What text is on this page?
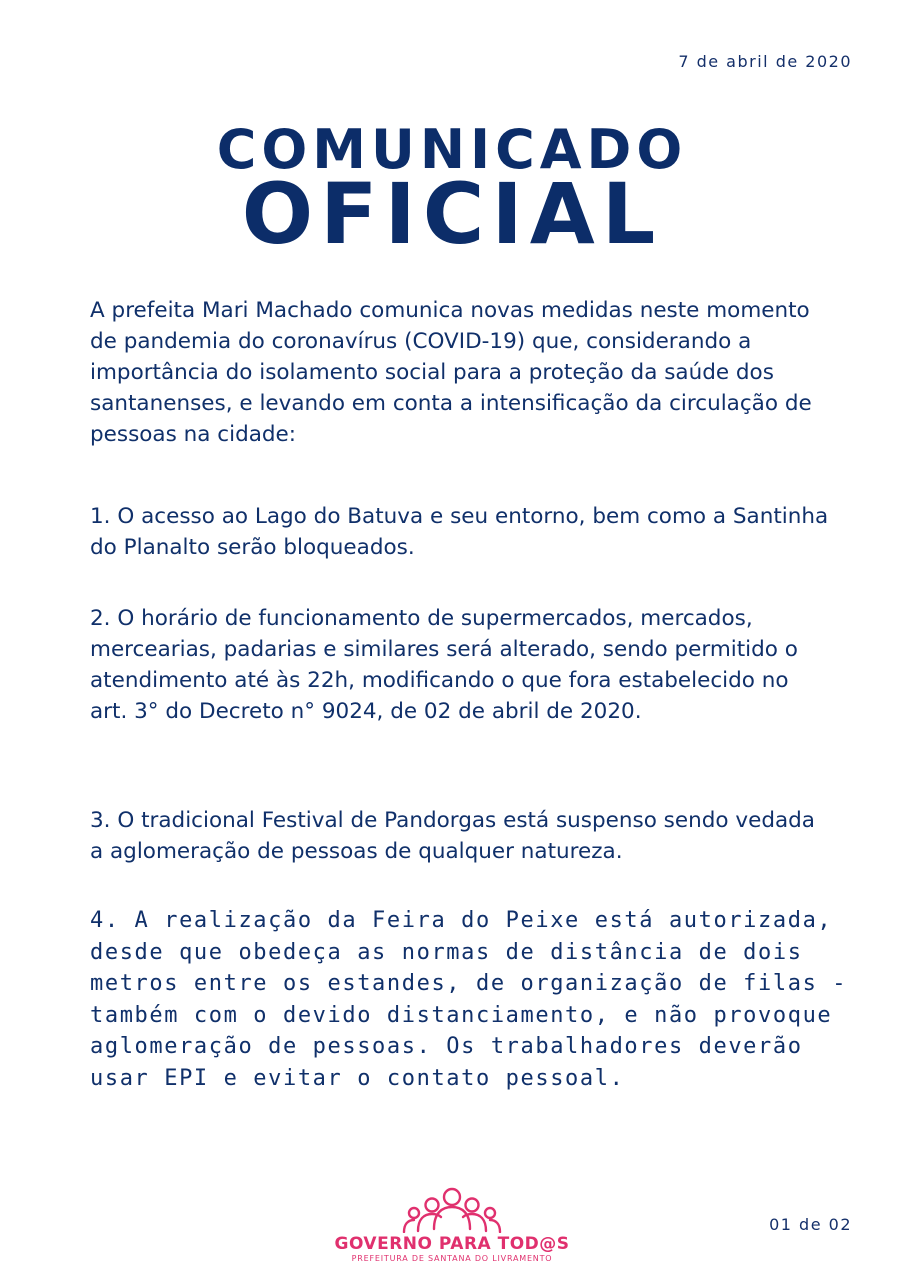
7 de abril de 2020
COMUNICADO
OFICIAL

A prefeita Mari Machado comunica novas medidas neste momento de pandemia do coronavírus (COVID-19) que, considerando a importância do isolamento social para a proteção da saúde dos santanenses, e levando em conta a intensificação da circulação de pessoas na cidade:

1. O acesso ao Lago do Batuva e seu entorno, bem como a Santinha do Planalto serão bloqueados.

2. O horário de funcionamento de supermercados, mercados, mercearias, padarias e similares será alterado, sendo permitido o atendimento até às 22h, modificando o que fora estabelecido no art. 3° do Decreto n° 9024, de 02 de abril de 2020.

3. O tradicional Festival de Pandorgas está suspenso sendo vedada a aglomeração de pessoas de qualquer natureza.

4. A realização da Feira do Peixe está autorizada, desde que obedeça as normas de distância de dois metros entre os estandes, de organização de filas - também com o devido distanciamento, e não provoque aglomeração de pessoas. Os trabalhadores deverão usar EPI e evitar o contato pessoal.

GOVERNO PARA TOD@S
PREFEITURA DE SANTANA DO LIVRAMENTO
01 de 02
